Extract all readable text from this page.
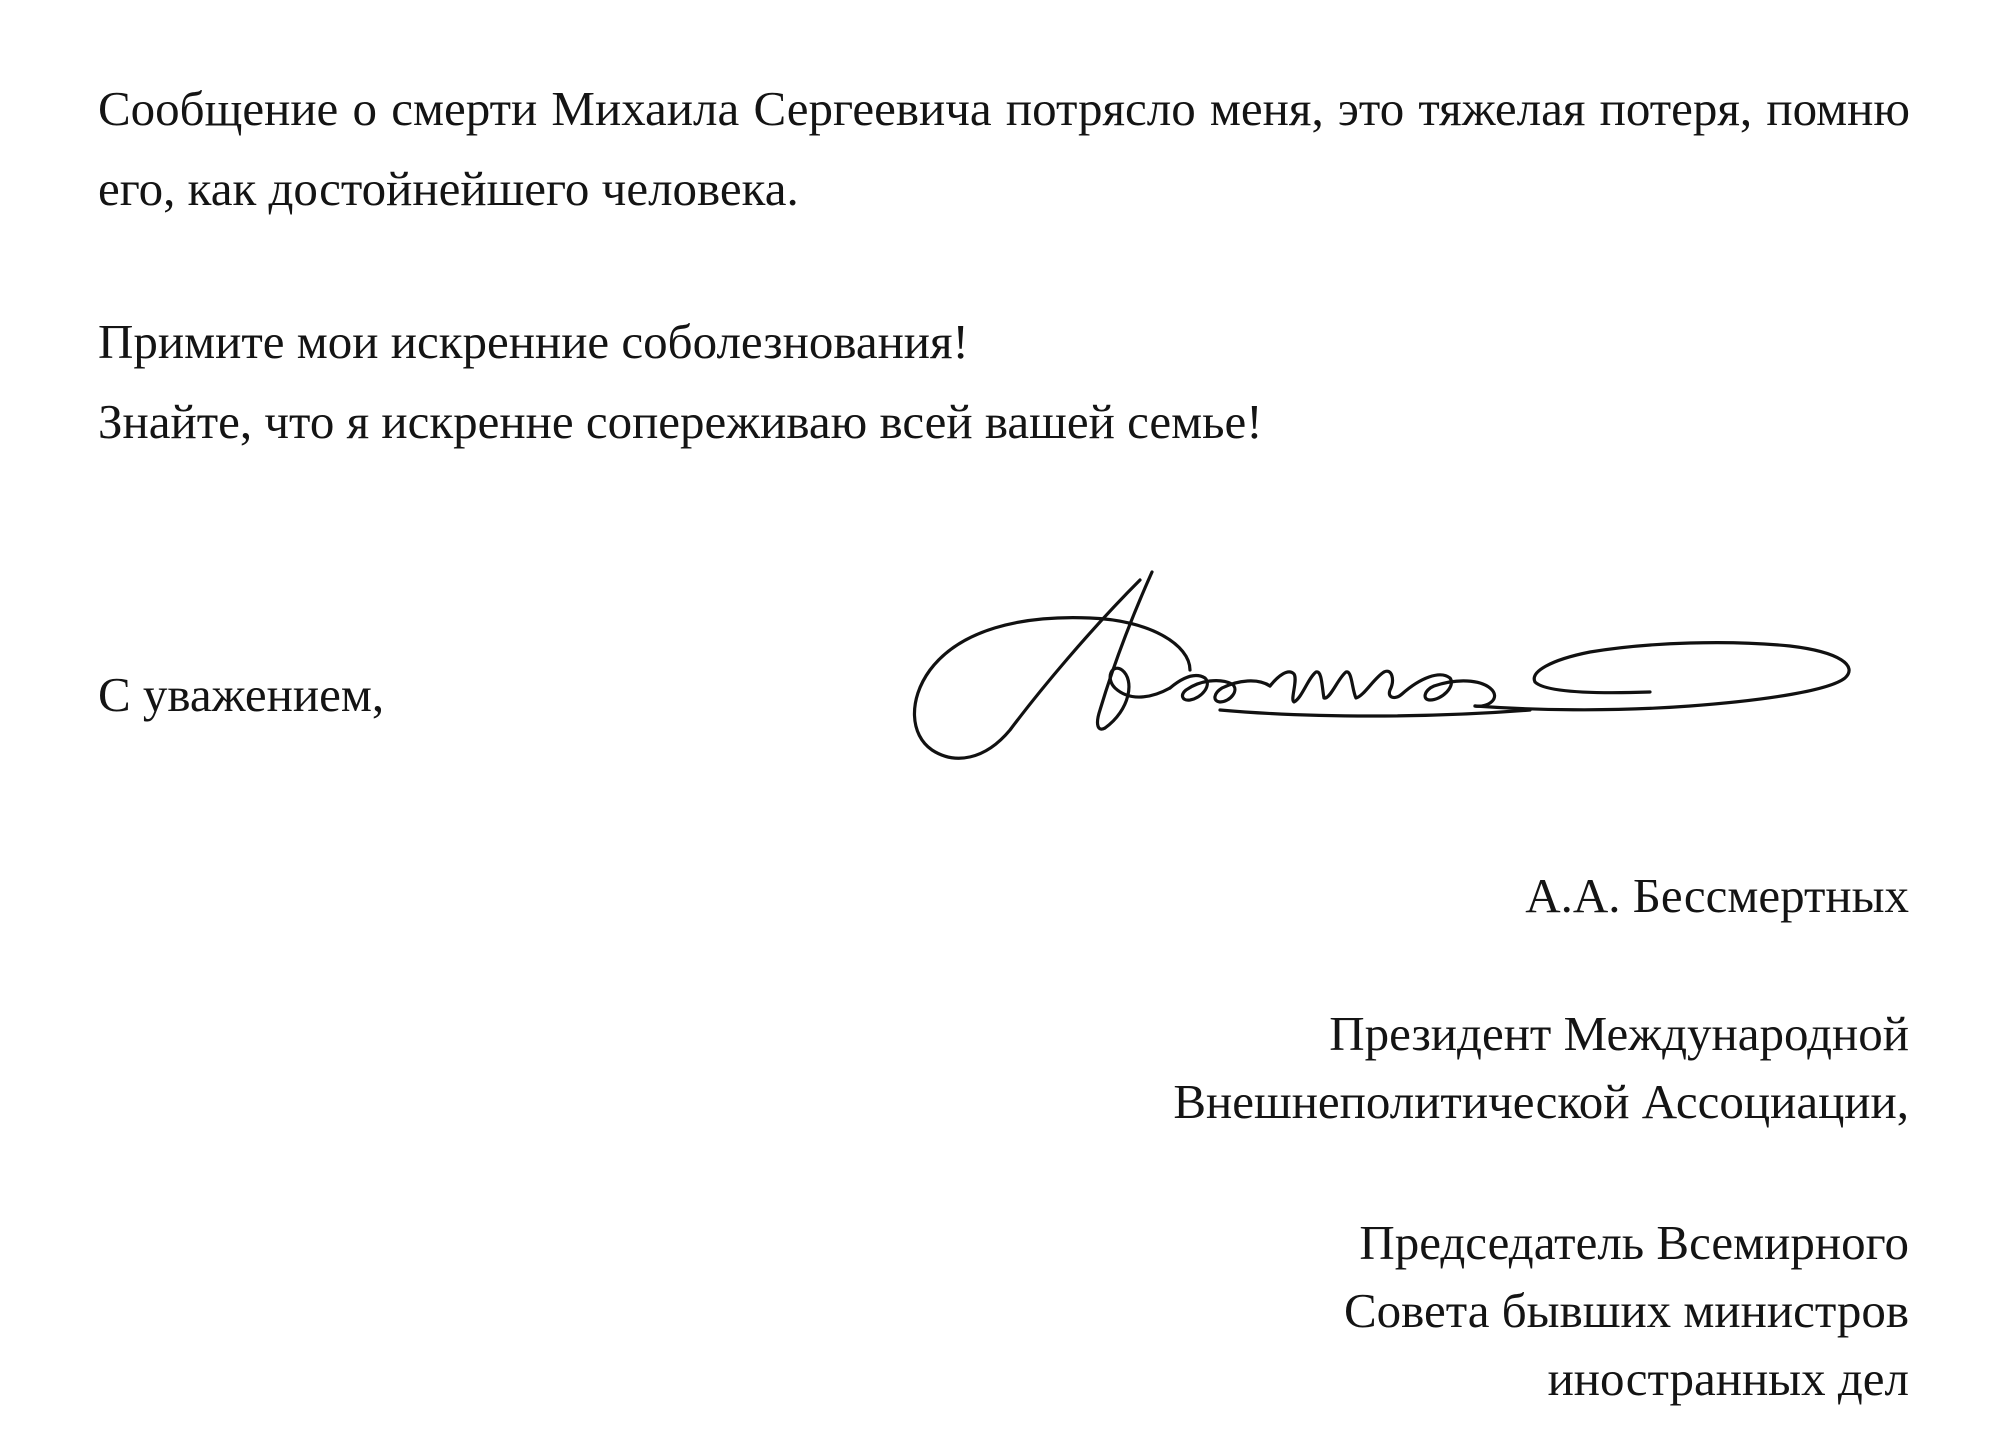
Сообщение о смерти Михаила Сергеевича потрясло меня, это тяжелая потеря, помню его, как достойнейшего человека.

Примите мои искренние соболезнования!
Знайте, что я искренне сопереживаю всей вашей семье!
С уважением,
А.А. Бессмертных
Президент Международной
Внешнеполитической Ассоциации,
Председатель Всемирного
Совета бывших министров
иностранных дел
